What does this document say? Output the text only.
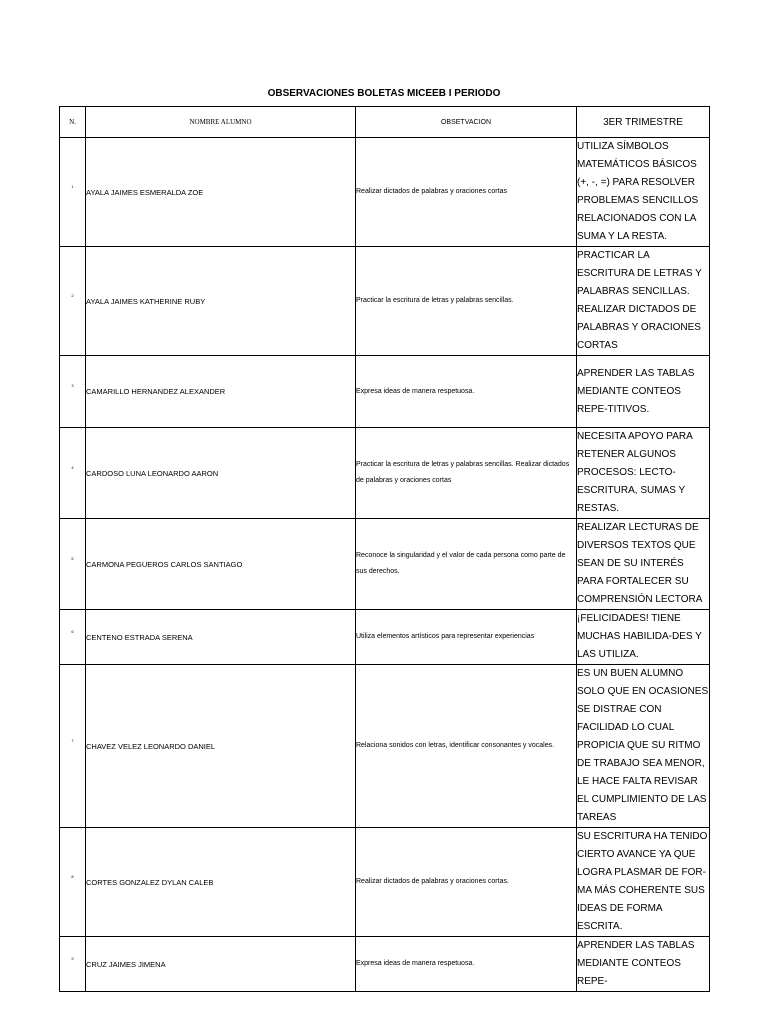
OBSERVACIONES BOLETAS MICEEB I PERIODO
N.	NOMBRE ALUMNO	OBSETVACION	3ER TRIMESTRE
1	AYALA JAIMES ESMERALDA ZOE	Realizar dictados de palabras y oraciones cortas	UTILIZA SÍMBOLOS MATEMÁTICOS BÁSICOS (+, -, =) PARA RESOLVER PROBLEMAS SENCILLOS RELACIONADOS CON LA SUMA Y LA RESTA.
2	AYALA JAIMES KATHERINE RUBY	Practicar la escritura de letras y palabras sencillas.	PRACTICAR LA ESCRITURA DE LETRAS Y PALABRAS SENCILLAS. REALIZAR DICTADOS DE PALABRAS Y ORACIONES CORTAS
3	CAMARILLO HERNANDEZ ALEXANDER	Expresa ideas de manera respetuosa.	APRENDER LAS TABLAS MEDIANTE CONTEOS REPE-TITIVOS.
4	CARDOSO LUNA LEONARDO AARON	Practicar la escritura de letras y palabras sencillas. Realizar dictados de palabras y oraciones cortas	NECESITA APOYO PARA RETENER ALGUNOS PROCESOS: LECTO-ESCRITURA, SUMAS Y RESTAS.
5	CARMONA PEGUEROS CARLOS SANTIAGO	Reconoce la singularidad y el valor de cada persona como parte de sus derechos.	REALIZAR LECTURAS DE DIVERSOS TEXTOS QUE SEAN DE SU INTERÉS PARA FORTALECER SU COMPRENSIÓN LECTORA
6	CENTENO ESTRADA SERENA	Utiliza elementos artísticos para representar experiencias	¡FELICIDADES! TIENE MUCHAS HABILIDA-DES Y LAS UTILIZA.
7	CHAVEZ VELEZ LEONARDO DANIEL	Relaciona sonidos con letras, identificar consonantes y vocales.	ES UN BUEN ALUMNO SOLO QUE EN OCASIONES SE DISTRAE CON FACILIDAD LO CUAL PROPICIA QUE SU RITMO DE TRABAJO SEA MENOR, LE HACE FALTA REVISAR EL CUMPLIMIENTO DE LAS TAREAS
8	CORTES GONZALEZ DYLAN CALEB	Realizar dictados de palabras y oraciones cortas.	SU ESCRITURA HA TENIDO CIERTO AVANCE YA QUE LOGRA PLASMAR DE FOR-MA MÁS COHERENTE SUS IDEAS DE FORMA ESCRITA.
9	CRUZ JAIMES JIMENA	Expresa ideas de manera respetuosa.	APRENDER LAS TABLAS MEDIANTE CONTEOS REPE-
